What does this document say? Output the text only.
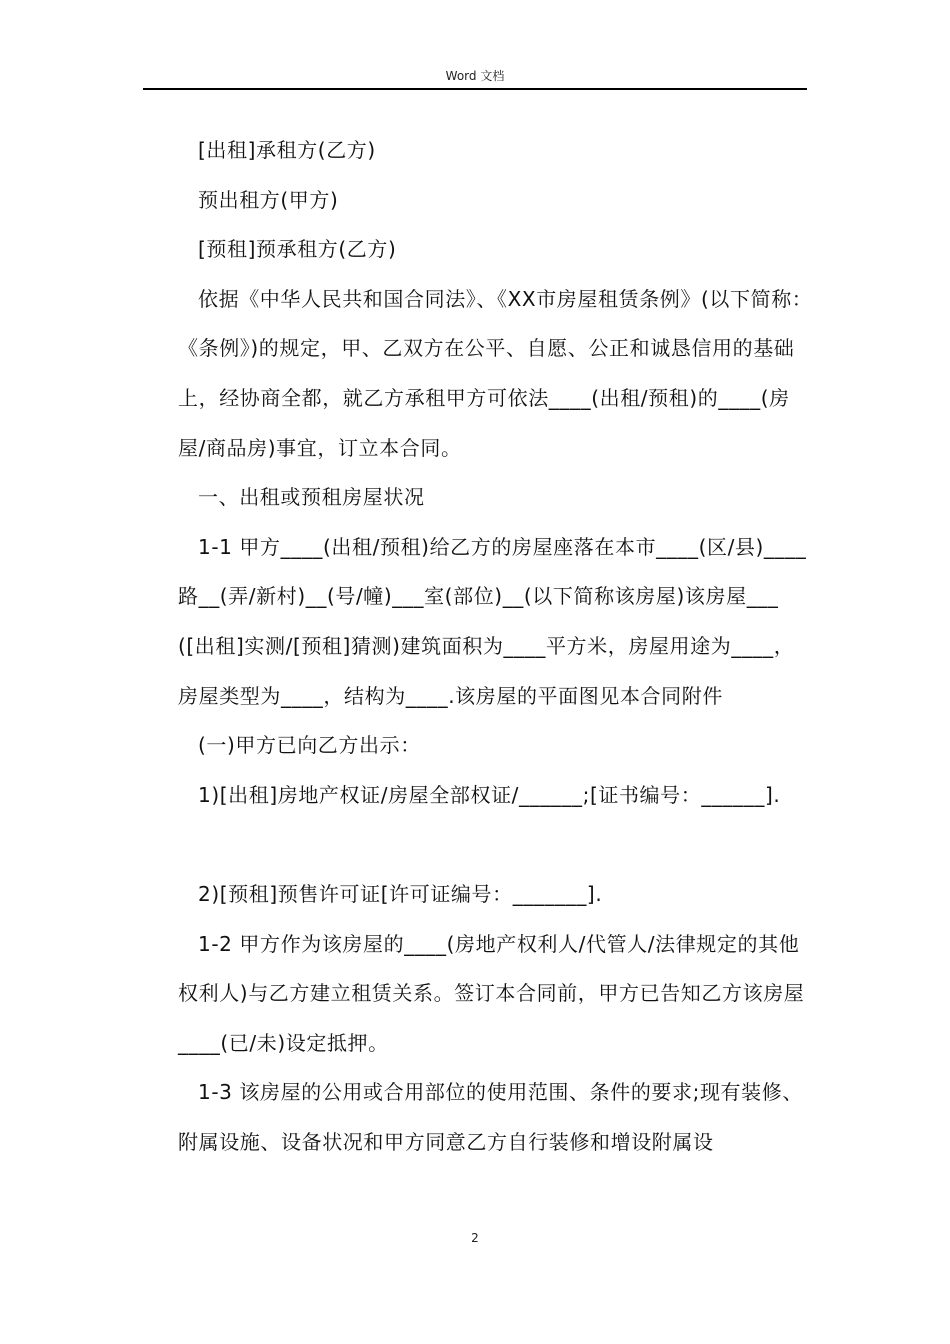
Word 文档

[出租]承租方(乙方)

预出租方(甲方)

[预租]预承租方(乙方)

依据《中华人民共和国合同法》、《XX市房屋租赁条例》(以下简称：《条例》)的规定，甲、乙双方在公平、自愿、公正和诚恳信用的基础上，经协商全都，就乙方承租甲方可依法____(出租/预租)的____(房屋/商品房)事宜，订立本合同。

一、出租或预租房屋状况

1-1 甲方____(出租/预租)给乙方的房屋座落在本市____(区/县)____路__(弄/新村)__(号/幢)___室(部位)__(以下简称该房屋)该房屋___([出租]实测/[预租]猜测)建筑面积为____平方米，房屋用途为____，房屋类型为____，结构为____.该房屋的平面图见本合同附件

(一)甲方已向乙方出示：

1)[出租]房地产权证/房屋全部权证/______;[证书编号：______].

2)[预租]预售许可证[许可证编号：_______].

1-2 甲方作为该房屋的____(房地产权利人/代管人/法律规定的其他权利人)与乙方建立租赁关系。签订本合同前，甲方已告知乙方该房屋____(已/未)设定抵押。

1-3 该房屋的公用或合用部位的使用范围、条件的要求;现有装修、附属设施、设备状况和甲方同意乙方自行装修和增设附属设

2
